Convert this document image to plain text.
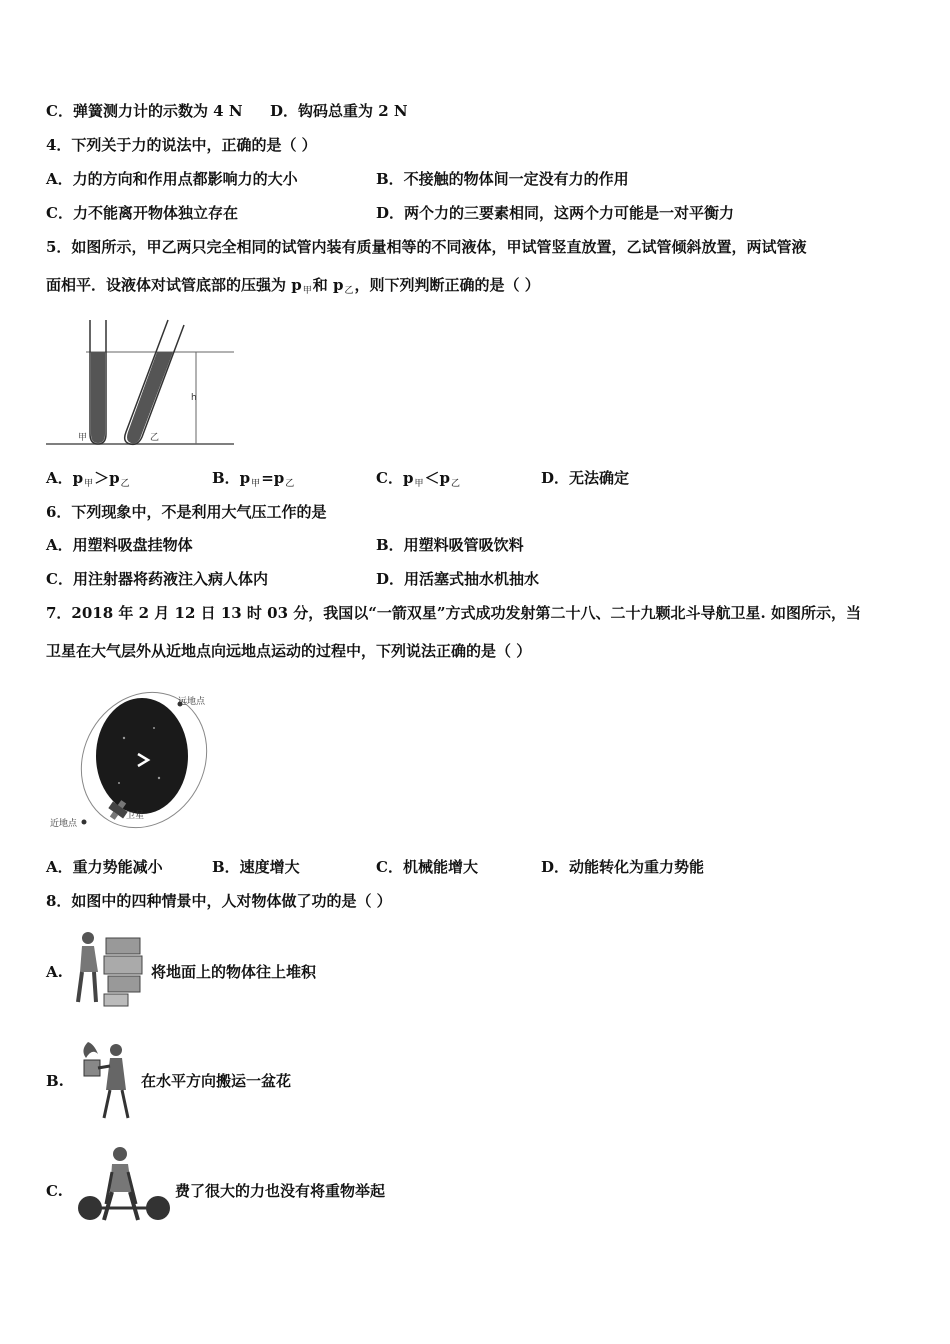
C．弹簧测力计的示数为 4 N D．钩码总重为 2 N
4．下列关于力的说法中，正确的是（ ）
A．力的方向和作用点都影响力的大小	B．不接触的物体间一定没有力的作用
C．力不能离开物体独立存在	D．两个力的三要素相同，这两个力可能是一对平衡力
5．如图所示，甲乙两只完全相同的试管内装有质量相等的不同液体，甲试管竖直放置，乙试管倾斜放置，两试管液
面相平．设液体对试管底部的压强为 $p_甲$和 $p_乙$，则下列判断正确的是（ ）
甲	乙
h
A．$p_甲>p_乙$	B．$p_甲=p_乙$	C．$p_甲<p_乙$	D．无法确定
6．下列现象中，不是利用大气压工作的是
A．用塑料吸盘挂物体	B．用塑料吸管吸饮料
C．用注射器将药液注入病人体内	D．用活塞式抽水机抽水
7．2018 年 2 月 12 日 13 时 03 分，我国以“一箭双星”方式成功发射第二十八、二十九颗北斗导航卫星. 如图所示，当
卫星在大气层外从近地点向远地点运动的过程中，下列说法正确的是（ ）
远地点
近地点
卫星
A．重力势能减小	B．速度增大	C．机械能增大	D．动能转化为重力势能
8．如图中的四种情景中，人对物体做了功的是（ ）
A.	将地面上的物体往上堆积
B.	在水平方向搬运一盆花
C.	费了很大的力也没有将重物举起
